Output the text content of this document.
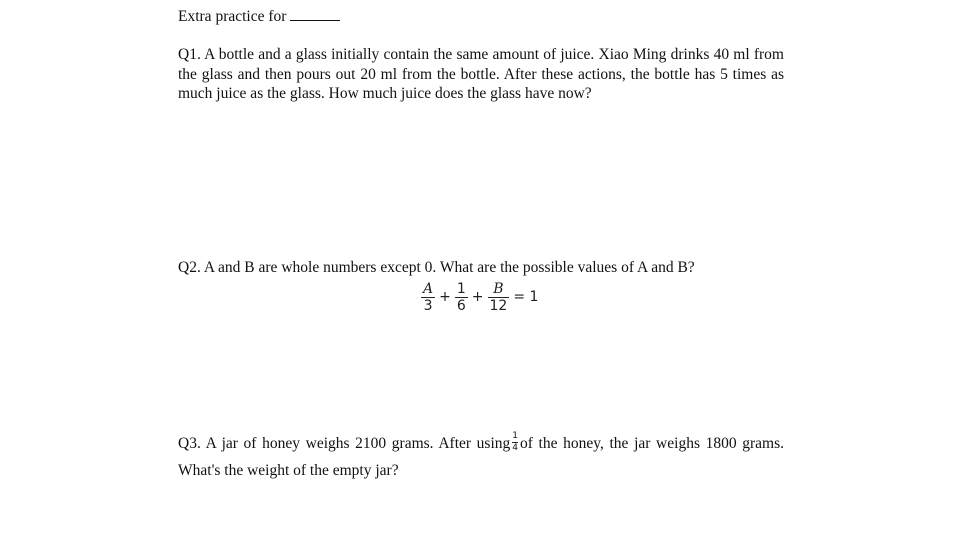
Extra practice for
Q1. A bottle and a glass initially contain the same amount of juice. Xiao Ming drinks 40 ml from the glass and then pours out 20 ml from the bottle. After these actions, the bottle has 5 times as much juice as the glass. How much juice does the glass have now?
Q2. A and B are whole numbers except 0. What are the possible values of A and B?
$\frac{A}{3} + \frac{1}{6} + \frac{B}{12} = 1$
Q3. A jar of honey weighs 2100 grams. After using $\frac{1}{4}$ of the honey, the jar weighs 1800 grams. What's the weight of the empty jar?
